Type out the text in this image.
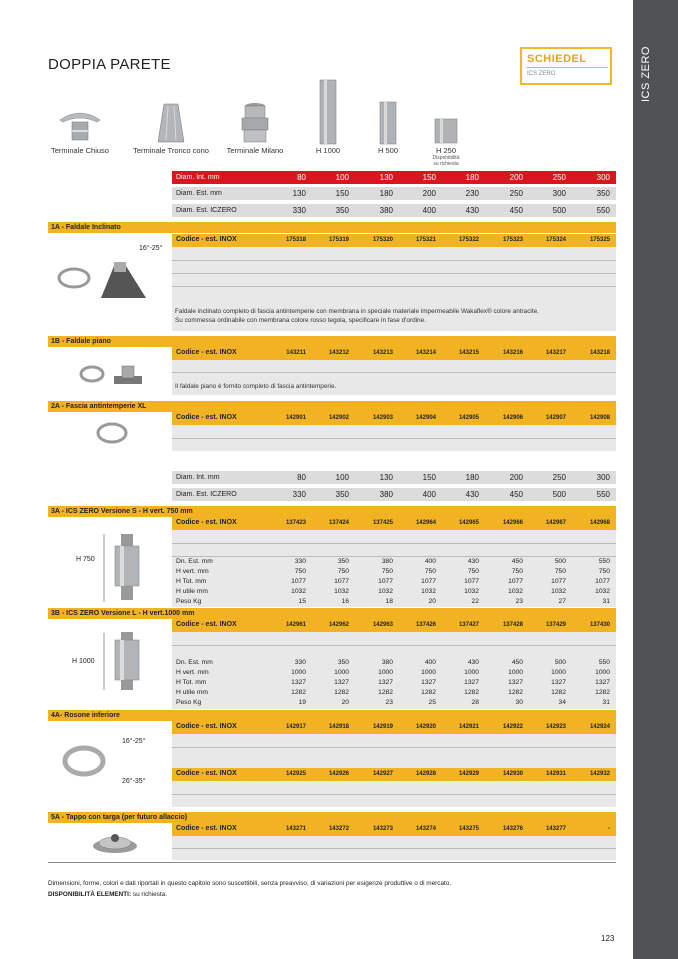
ICS ZERO
DOPPIA PARETE	SCHIEDEL
ICS ZERO
Terminale Chiuso	Terminale Tronco cono	Terminale Milano	H 1000	H 500	H 250
Disponibilità
su richiesta
Diam. Int. mm	80	100	130	150	180	200	250	300
Diam. Est. mm	130	150	180	200	230	250	300	350
Diam. Est. ICZERO	330	350	380	400	430	450	500	550
1A - Faldale Inclinato
Codice - est. INOX	175318	175319	175320	175321	175322	175323	175324	175325
16°-25°
Faldale inclinato completo di fascia antintemperie con membrana in speciale materiale impermeabile Wakaflex® colore antracite.
Su commessa ordinabile con membrana colore rosso tegola, specificare in fase d'ordine.
1B - Faldale piano
Codice - est. INOX	143211	143212	143213	143214	143215	143216	143217	143218
Il faldale piano è fornito completo di fascia antintemperie.
2A - Fascia antintemperie XL
Codice - est. INOX	142901	142902	142903	142904	142905	142906	142907	142908
Diam. Int. mm	80	100	130	150	180	200	250	300
Diam. Est. ICZERO	330	350	380	400	430	450	500	550
3A - ICS ZERO Versione S - H vert. 750 mm
Codice - est. INOX	137423	137424	137425	142964	142965	142966	142967	142968
H 750	Dn. Est. mm	330	350	380	400	430	450	500	550
H vert. mm	750	750	750	750	750	750	750	750
H Tot. mm	1077	1077	1077	1077	1077	1077	1077	1077
H utile mm	1032	1032	1032	1032	1032	1032	1032	1032
Peso Kg	15	16	18	20	22	23	27	31
3B - ICS ZERO Versione L - H vert.1000 mm
Codice - est. INOX	142961	142962	142963	137426	137427	137428	137429	137430
H 1000	Dn. Est. mm	330	350	380	400	430	450	500	550
H vert. mm	1000	1000	1000	1000	1000	1000	1000	1000
H Tot. mm	1327	1327	1327	1327	1327	1327	1327	1327
H utile mm	1282	1282	1282	1282	1282	1282	1282	1282
Peso Kg	19	20	23	25	28	30	34	31
4A- Rosone inferiore
Codice - est. INOX	142917	142918	142919	142920	142921	142922	142923	142924
16°-25°
Codice - est. INOX	142925	142926	142927	142928	142929	142930	142931	142932
26°-35°
5A - Tappo con targa (per futuro allaccio)
Codice - est. INOX	143271	143272	143273	143274	143275	143276	143277	-
Dimensioni, forme, colori e dati riportati in questo capitolo sono suscettibili, senza preavviso, di variazioni per esigenze produttive o di mercato.
DISPONIBILITÀ ELEMENTI: su richiesta.
123
